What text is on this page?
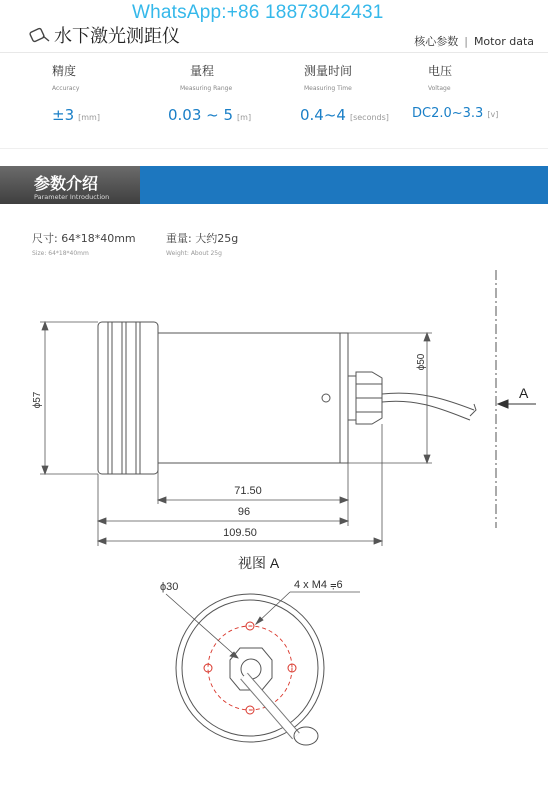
WhatsApp:+86 18873042431
水下激光测距仪	核心参数 | Motor data
精度
Accuracy
±3 [mm]
量程
Measuring Range
0.03 ~ 5 [m]
测量时间
Measuring Time
0.4~4 [seconds]
电压
Voltage
DC2.0~3.3 [v]
参数介绍
Parameter Introduction
尺寸: 64*18*40mm
Size: 64*18*40mm
重量: 大约25g
Weight: About 25g
A
ϕ57
ϕ50
71.50
96
109.50
视图 A
ϕ30	4 x M4 ⩦6
